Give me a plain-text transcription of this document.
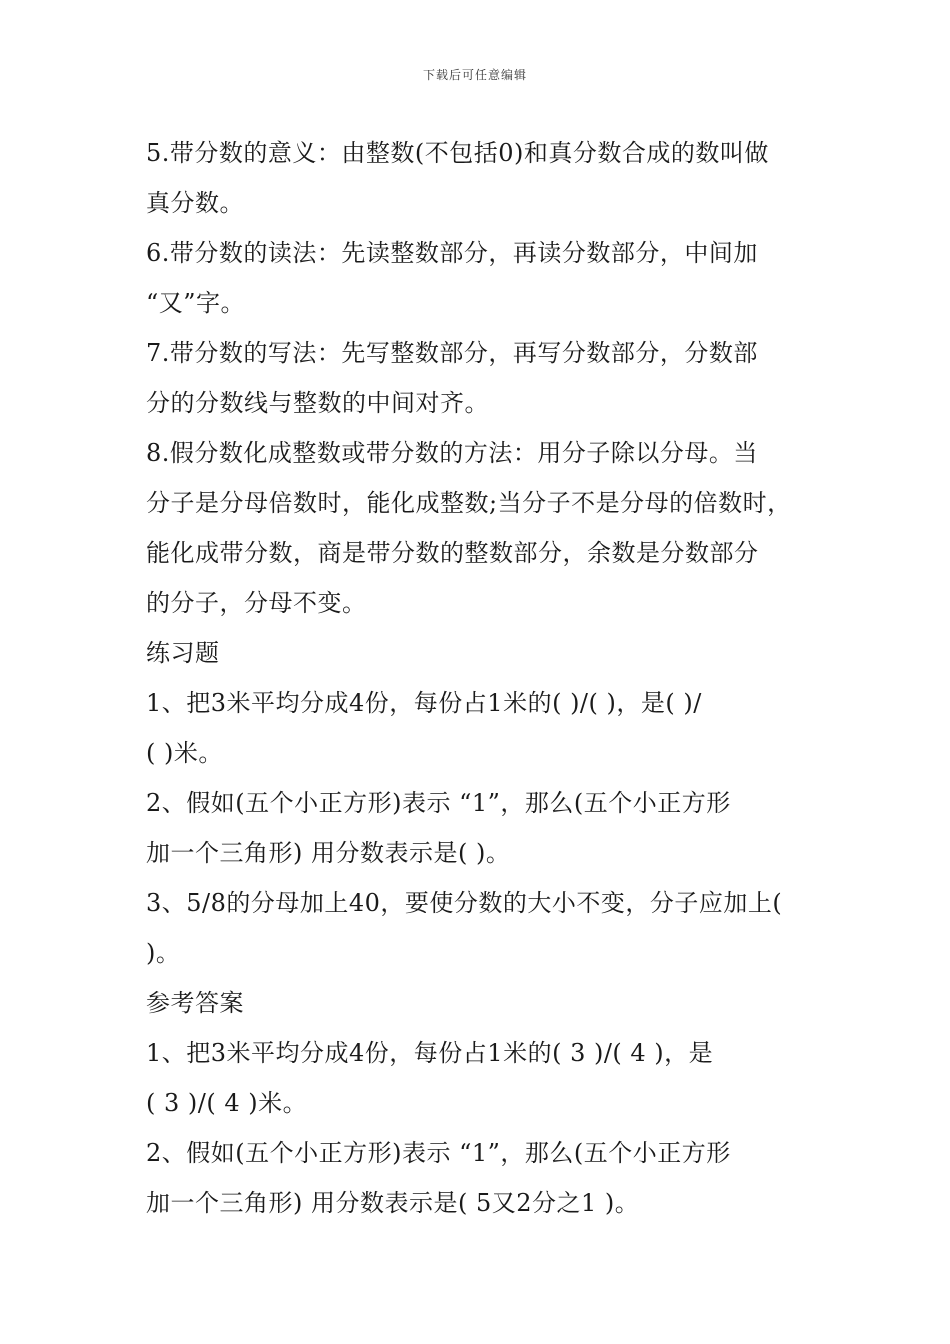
下载后可任意编辑
5.带分数的意义：由整数(不包括0)和真分数合成的数叫做
真分数。
6.带分数的读法：先读整数部分，再读分数部分，中间加
“又”字。
7.带分数的写法：先写整数部分，再写分数部分，分数部
分的分数线与整数的中间对齐。
8.假分数化成整数或带分数的方法：用分子除以分母。当
分子是分母倍数时，能化成整数;当分子不是分母的倍数时，
能化成带分数，商是带分数的整数部分，余数是分数部分
的分子，分母不变。
练习题
1、把3米平均分成4份，每份占1米的( )/( )，是( )/
( )米。
2、假如(五个小正方形)表示 “1”，那么(五个小正方形
加一个三角形) 用分数表示是( )。
3、5/8的分母加上40，要使分数的大小不变，分子应加上(
)。
参考答案
1、把3米平均分成4份，每份占1米的( 3 )/( 4 )，是
( 3 )/( 4 )米。
2、假如(五个小正方形)表示 “1”，那么(五个小正方形
加一个三角形) 用分数表示是( 5又2分之1 )。
